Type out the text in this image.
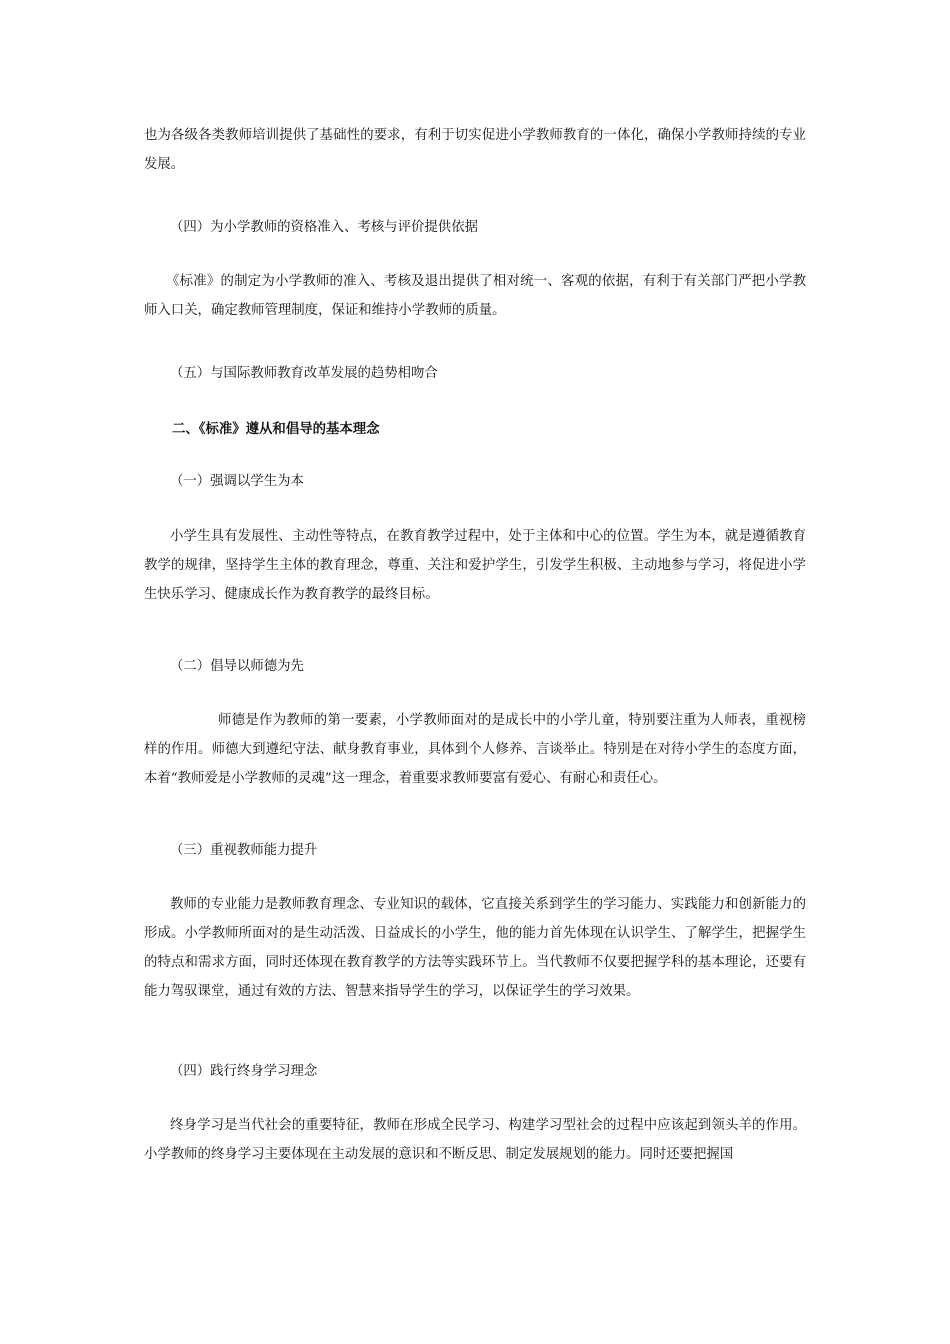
也为各级各类教师培训提供了基础性的要求，有利于切实促进小学教师教育的一体化，确保小学教师持续的专业发展。

（四）为小学教师的资格准入、考核与评价提供依据

《标准》的制定为小学教师的准入、考核及退出提供了相对统一、客观的依据，有利于有关部门严把小学教师入口关，确定教师管理制度，保证和维持小学教师的质量。

（五）与国际教师教育改革发展的趋势相吻合

二、《标准》遵从和倡导的基本理念

（一）强调以学生为本

小学生具有发展性、主动性等特点，在教育教学过程中，处于主体和中心的位置。学生为本，就是遵循教育教学的规律，坚持学生主体的教育理念，尊重、关注和爱护学生，引发学生积极、主动地参与学习，将促进小学生快乐学习、健康成长作为教育教学的最终目标。

（二）倡导以师德为先

师德是作为教师的第一要素，小学教师面对的是成长中的小学儿童，特别要注重为人师表，重视榜样的作用。师德大到遵纪守法、献身教育事业，具体到个人修养、言谈举止。特别是在对待小学生的态度方面，本着“教师爱是小学教师的灵魂”这一理念，着重要求教师要富有爱心、有耐心和责任心。

（三）重视教师能力提升

教师的专业能力是教师教育理念、专业知识的载体，它直接关系到学生的学习能力、实践能力和创新能力的形成。小学教师所面对的是生动活泼、日益成长的小学生，他的能力首先体现在认识学生、了解学生，把握学生的特点和需求方面，同时还体现在教育教学的方法等实践环节上。当代教师不仅要把握学科的基本理论，还要有能力驾驭课堂，通过有效的方法、智慧来指导学生的学习，以保证学生的学习效果。

（四）践行终身学习理念

终身学习是当代社会的重要特征，教师在形成全民学习、构建学习型社会的过程中应该起到领头羊的作用。小学教师的终身学习主要体现在主动发展的意识和不断反思、制定发展规划的能力。同时还要把握国
